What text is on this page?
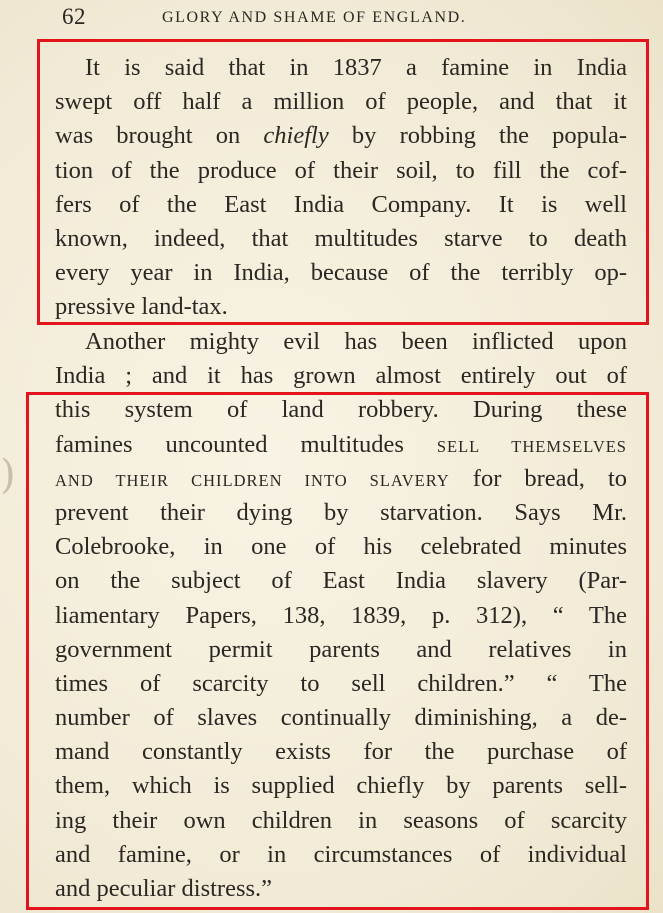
62	GLORY AND SHAME OF ENGLAND.
)
It is said that in 1837 a famine in India
swept off half a million of people, and that it
was brought on chiefly by robbing the popula-
tion of the produce of their soil, to fill the cof-
fers of the East India Company. It is well
known, indeed, that multitudes starve to death
every year in India, because of the terribly op-
pressive land-tax.
Another mighty evil has been inflicted upon
India ; and it has grown almost entirely out of
this system of land robbery. During these
famines uncounted multitudes SELL THEMSELVES
AND THEIR CHILDREN INTO SLAVERY for bread, to
prevent their dying by starvation. Says Mr.
Colebrooke, in one of his celebrated minutes
on the subject of East India slavery (Par-
liamentary Papers, 138, 1839, p. 312), “ The
government permit parents and relatives in
times of scarcity to sell children.” “ The
number of slaves continually diminishing, a de-
mand constantly exists for the purchase of
them, which is supplied chiefly by parents sell-
ing their own children in seasons of scarcity
and famine, or in circumstances of individual
and peculiar distress.”
